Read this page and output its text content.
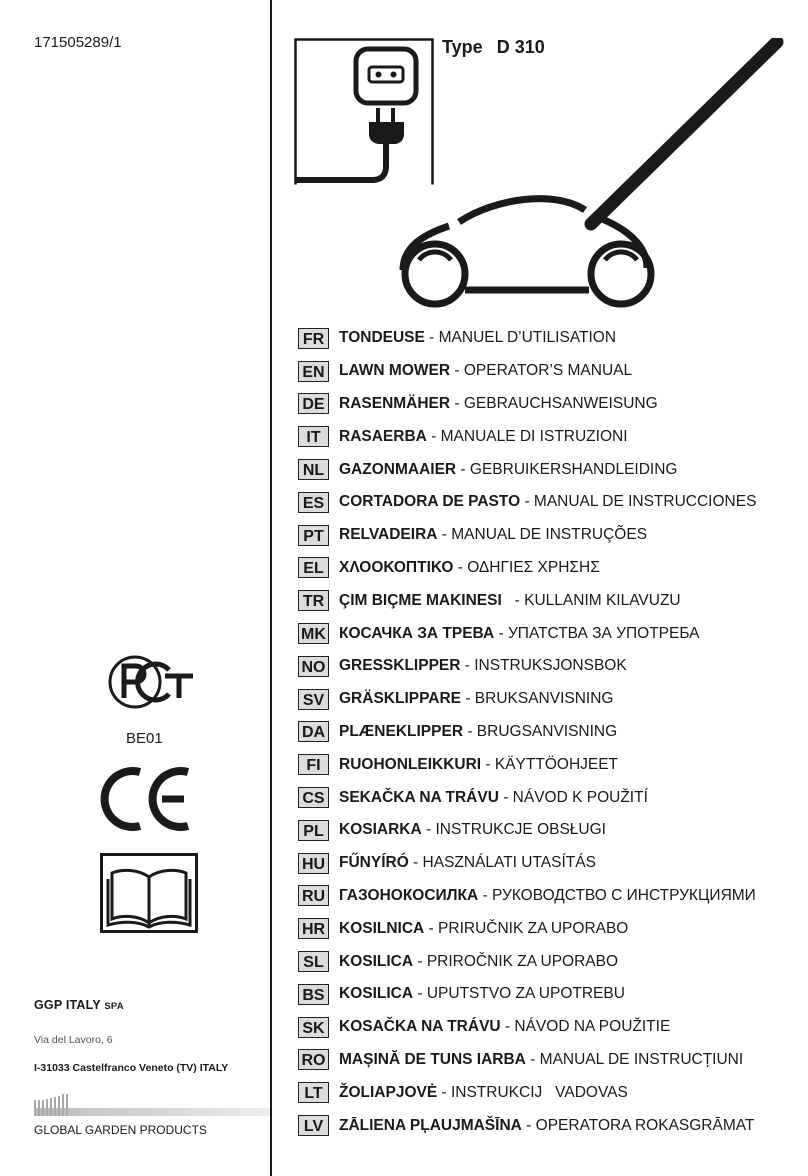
171505289/1
BE01
GGP ITALY SPA
Via del Lavoro, 6
I-31033 Castelfranco Veneto (TV) ITALY
GLOBAL GARDEN PRODUCTS
Type D 310
FR TONDEUSE - MANUEL D’UTILISATION
EN LAWN MOWER - OPERATOR’S MANUAL
DE RASENMÄHER - GEBRAUCHSANWEISUNG
IT	RASAERBA - MANUALE DI ISTRUZIONI
NL GAZONMAAIER - GEBRUIKERSHANDLEIDING
ES CORTADORA DE PASTO - MANUAL DE INSTRUCCIONES
PT RELVADEIRA - MANUAL DE INSTRUÇÕES
EL ΧΛΟΟΚΟΠΤΙΚΟ - ΟΔΗΓΙΕΣ ΧΡΗΣΗΣ
TR ÇIM BIÇME MAKINESI - KULLANIM KILAVUZU
MK КОСАЧКА ЗА ТРЕВА - УПАТСТВА ЗА УПОТРЕБА
NO GRESSKLIPPER - INSTRUKSJONSBOK
SV GRÄSKLIPPARE - BRUKSANVISNING
DA PLÆNEKLIPPER - BRUGSANVISNING
FI	RUOHONLEIKKURI - KÄYTTÖOHJEET
CS SEKAČKA NA TRÁVU - NÁVOD K POUŽITÍ
PL KOSIARKA - INSTRUKCJE OBSŁUGI
HU FŰNYÍRÓ - HASZNÁLATI UTASÍTÁS
RU ГАЗОНОКОСИЛКА - РУКОВОДСТВО С ИНСТРУКЦИЯМИ
HR KOSILNICA - PRIRUČNIK ZA UPORABO
SL KOSILICA - PRIROČNIK ZA UPORABO
BS KOSILICA - UPUTSTVO ZA UPOTREBU
SK KOSAČKA NA TRÁVU - NÁVOD NA POUŽITIE
RO MAȘINĂ DE TUNS IARBA - MANUAL DE INSTRUCȚIUNI
LT	ŽOLIAPJOVĖ - INSTRUKCIJ   VADOVAS
LV	ZĀLIENA PĻAUJMAŠĪNA - OPERATORA ROKASGRĀMAT
